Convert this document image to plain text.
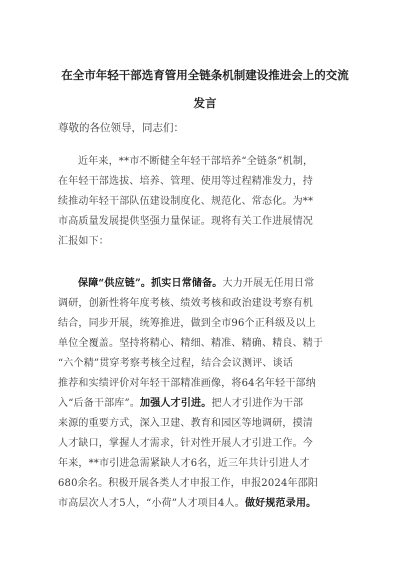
在全市年轻干部选育管用全链条机制建设推进会上的交流
发言
尊敬的各位领导，同志们：
近年来，**市不断健全年轻干部培养“全链条”机制，
在年轻干部选拔、培养、管理、使用等过程精准发力，持
续推动年轻干部队伍建设制度化、规范化、常态化。为**
市高质量发展提供坚强力量保证。现将有关工作进展情况
汇报如下：
保障“供应链”。抓实日常储备。大力开展无任用日常
调研，创新性将年度考核、绩效考核和政治建设考察有机
结合，同步开展，统筹推进，做到全市96个正科级及以上
单位全覆盖。坚持将精心、精细、精准、精确、精良、精于
“六个精”贯穿考察考核全过程，结合会议测评、谈话
推荐和实绩评价对年轻干部精准画像，将64名年轻干部纳
入“后备干部库”。加强人才引进。把人才引进作为干部
来源的重要方式，深入卫建、教育和园区等地调研，摸清
人才缺口，掌握人才需求，针对性开展人才引进工作。今
年来，**市引进急需紧缺人才6名，近三年共计引进人才
680余名。积极开展各类人才申报工作，申报2024年邵阳
市高层次人才5人，“小荷”人才项目4人。做好规范录用。
